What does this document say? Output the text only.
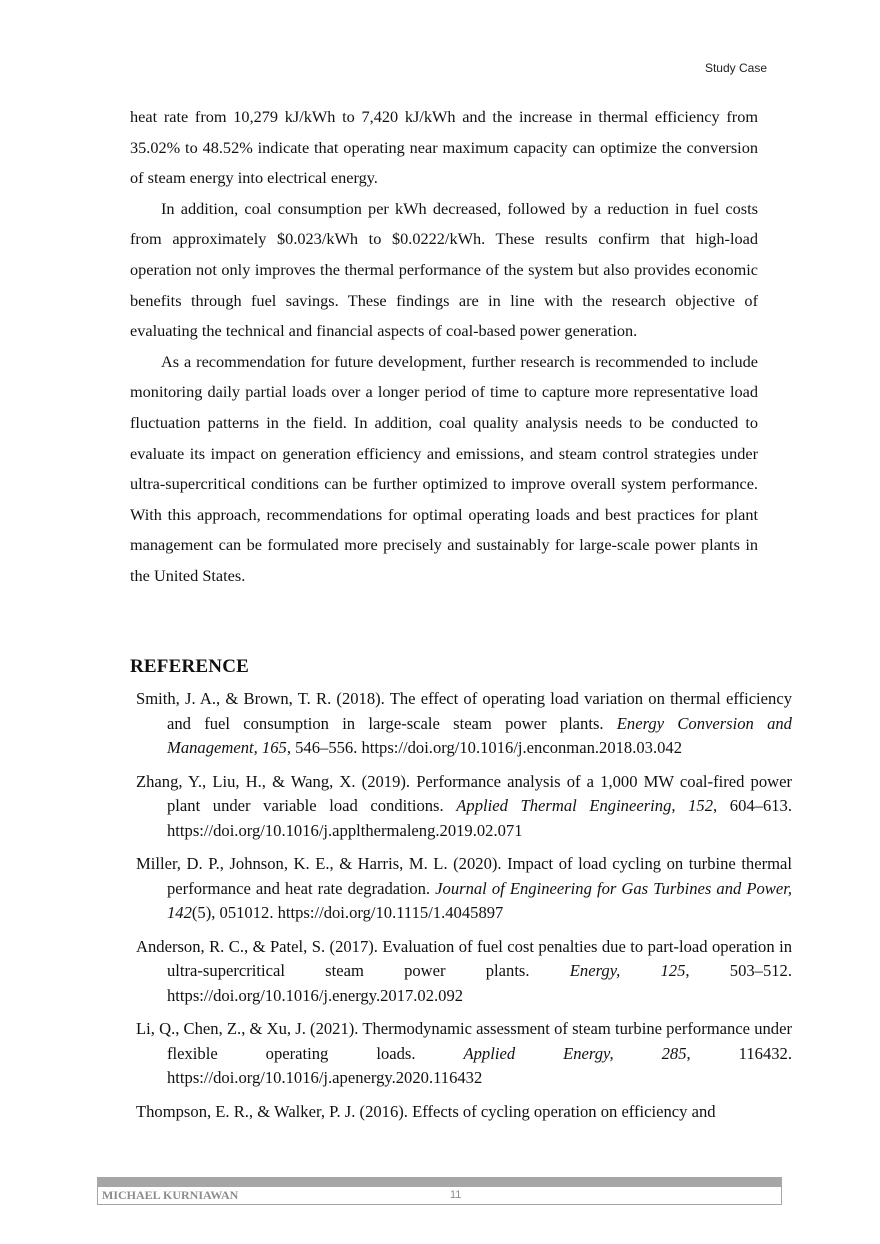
Study Case

heat rate from 10,279 kJ/kWh to 7,420 kJ/kWh and the increase in thermal efficiency from 35.02% to 48.52% indicate that operating near maximum capacity can optimize the conversion of steam energy into electrical energy.

In addition, coal consumption per kWh decreased, followed by a reduction in fuel costs from approximately $0.023/kWh to $0.0222/kWh. These results confirm that high-load operation not only improves the thermal performance of the system but also provides economic benefits through fuel savings. These findings are in line with the research objective of evaluating the technical and financial aspects of coal-based power generation.

As a recommendation for future development, further research is recommended to include monitoring daily partial loads over a longer period of time to capture more representative load fluctuation patterns in the field. In addition, coal quality analysis needs to be conducted to evaluate its impact on generation efficiency and emissions, and steam control strategies under ultra-supercritical conditions can be further optimized to improve overall system performance. With this approach, recommendations for optimal operating loads and best practices for plant management can be formulated more precisely and sustainably for large-scale power plants in the United States.

REFERENCE

Smith, J. A., & Brown, T. R. (2018). The effect of operating load variation on thermal efficiency and fuel consumption in large-scale steam power plants. Energy Conversion and Management, 165, 546–556. https://doi.org/10.1016/j.enconman.2018.03.042

Zhang, Y., Liu, H., & Wang, X. (2019). Performance analysis of a 1,000 MW coal-fired power plant under variable load conditions. Applied Thermal Engineering, 152, 604–613. https://doi.org/10.1016/j.applthermaleng.2019.02.071

Miller, D. P., Johnson, K. E., & Harris, M. L. (2020). Impact of load cycling on turbine thermal performance and heat rate degradation. Journal of Engineering for Gas Turbines and Power, 142(5), 051012. https://doi.org/10.1115/1.4045897

Anderson, R. C., & Patel, S. (2017). Evaluation of fuel cost penalties due to part-load operation in ultra-supercritical steam power plants. Energy, 125, 503–512. https://doi.org/10.1016/j.energy.2017.02.092

Li, Q., Chen, Z., & Xu, J. (2021). Thermodynamic assessment of steam turbine performance under flexible operating loads. Applied Energy, 285, 116432. https://doi.org/10.1016/j.apenergy.2020.116432

Thompson, E. R., & Walker, P. J. (2016). Effects of cycling operation on efficiency and

MICHAEL KURNIAWAN	11
